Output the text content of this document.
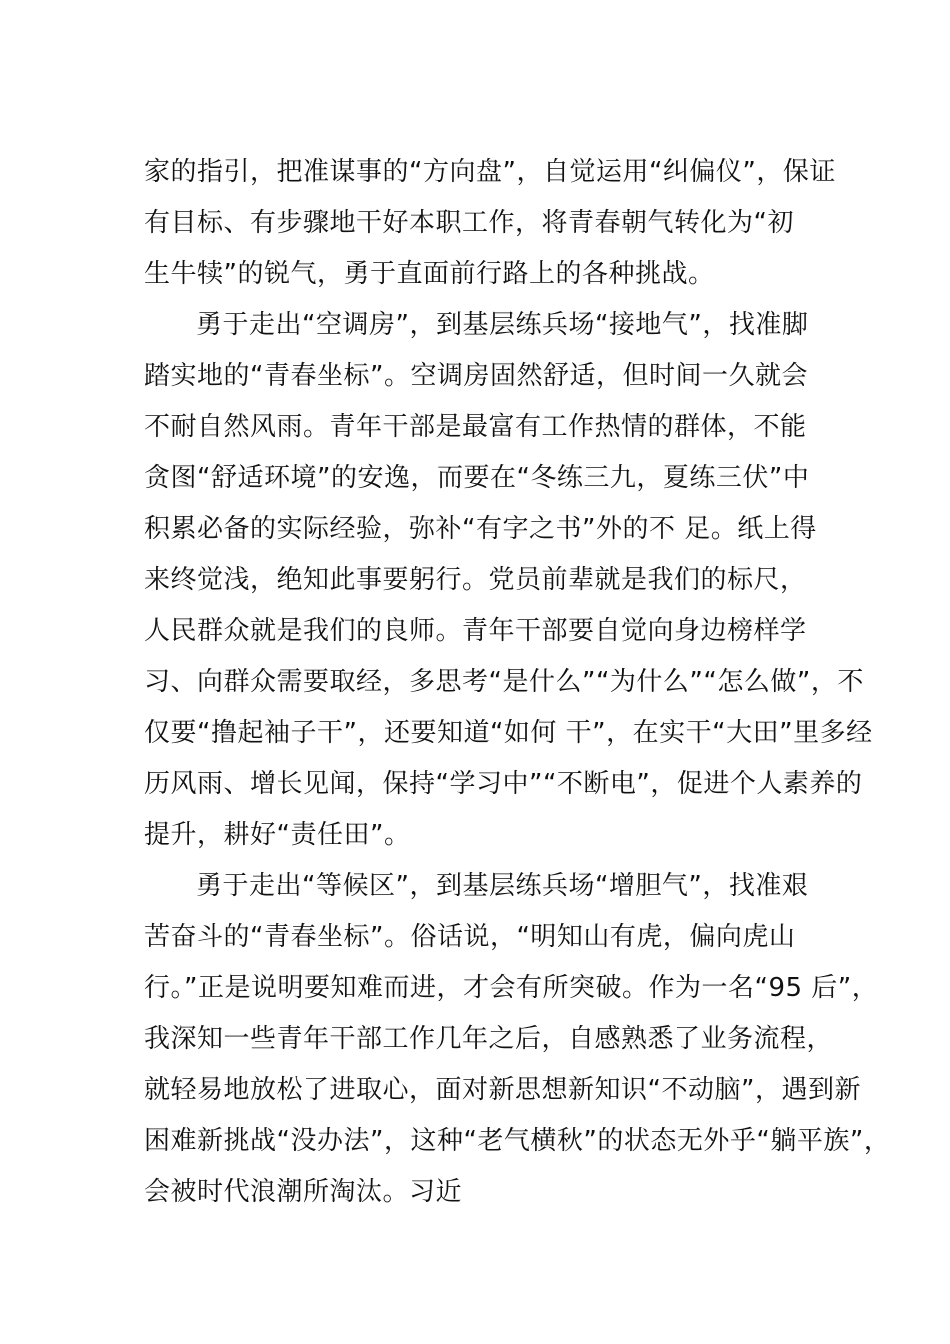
家的指引，把准谋事的“方向盘”，自觉运用“纠偏仪”，保证
有目标、有步骤地干好本职工作，将青春朝气转化为“初
生牛犊”的锐气，勇于直面前行路上的各种挑战。
勇于走出“空调房”，到基层练兵场“接地气”，找准脚
踏实地的“青春坐标”。空调房固然舒适，但时间一久就会
不耐自然风雨。青年干部是最富有工作热情的群体，不能
贪图“舒适环境”的安逸，而要在“冬练三九，夏练三伏”中
积累必备的实际经验，弥补“有字之书”外的不 足。纸上得
来终觉浅，绝知此事要躬行。党员前辈就是我们的标尺，
人民群众就是我们的良师。青年干部要自觉向身边榜样学
习、向群众需要取经，多思考“是什么”“为什么”“怎么做”，不
仅要“撸起袖子干”，还要知道“如何 干”，在实干“大田”里多经
历风雨、增长见闻，保持“学习中”“不断电”，促进个人素养的
提升，耕好“责任田”。
勇于走出“等候区”，到基层练兵场“增胆气”，找准艰
苦奋斗的“青春坐标”。俗话说，“明知山有虎，偏向虎山
行。”正是说明要知难而进，才会有所突破。作为一名“95 后”，
我深知一些青年干部工作几年之后，自感熟悉了业务流程，
就轻易地放松了进取心，面对新思想新知识“不动脑”，遇到新
困难新挑战“没办法”，这种“老气横秋”的状态无外乎“躺平族”，
会被时代浪潮所淘汰。习近
